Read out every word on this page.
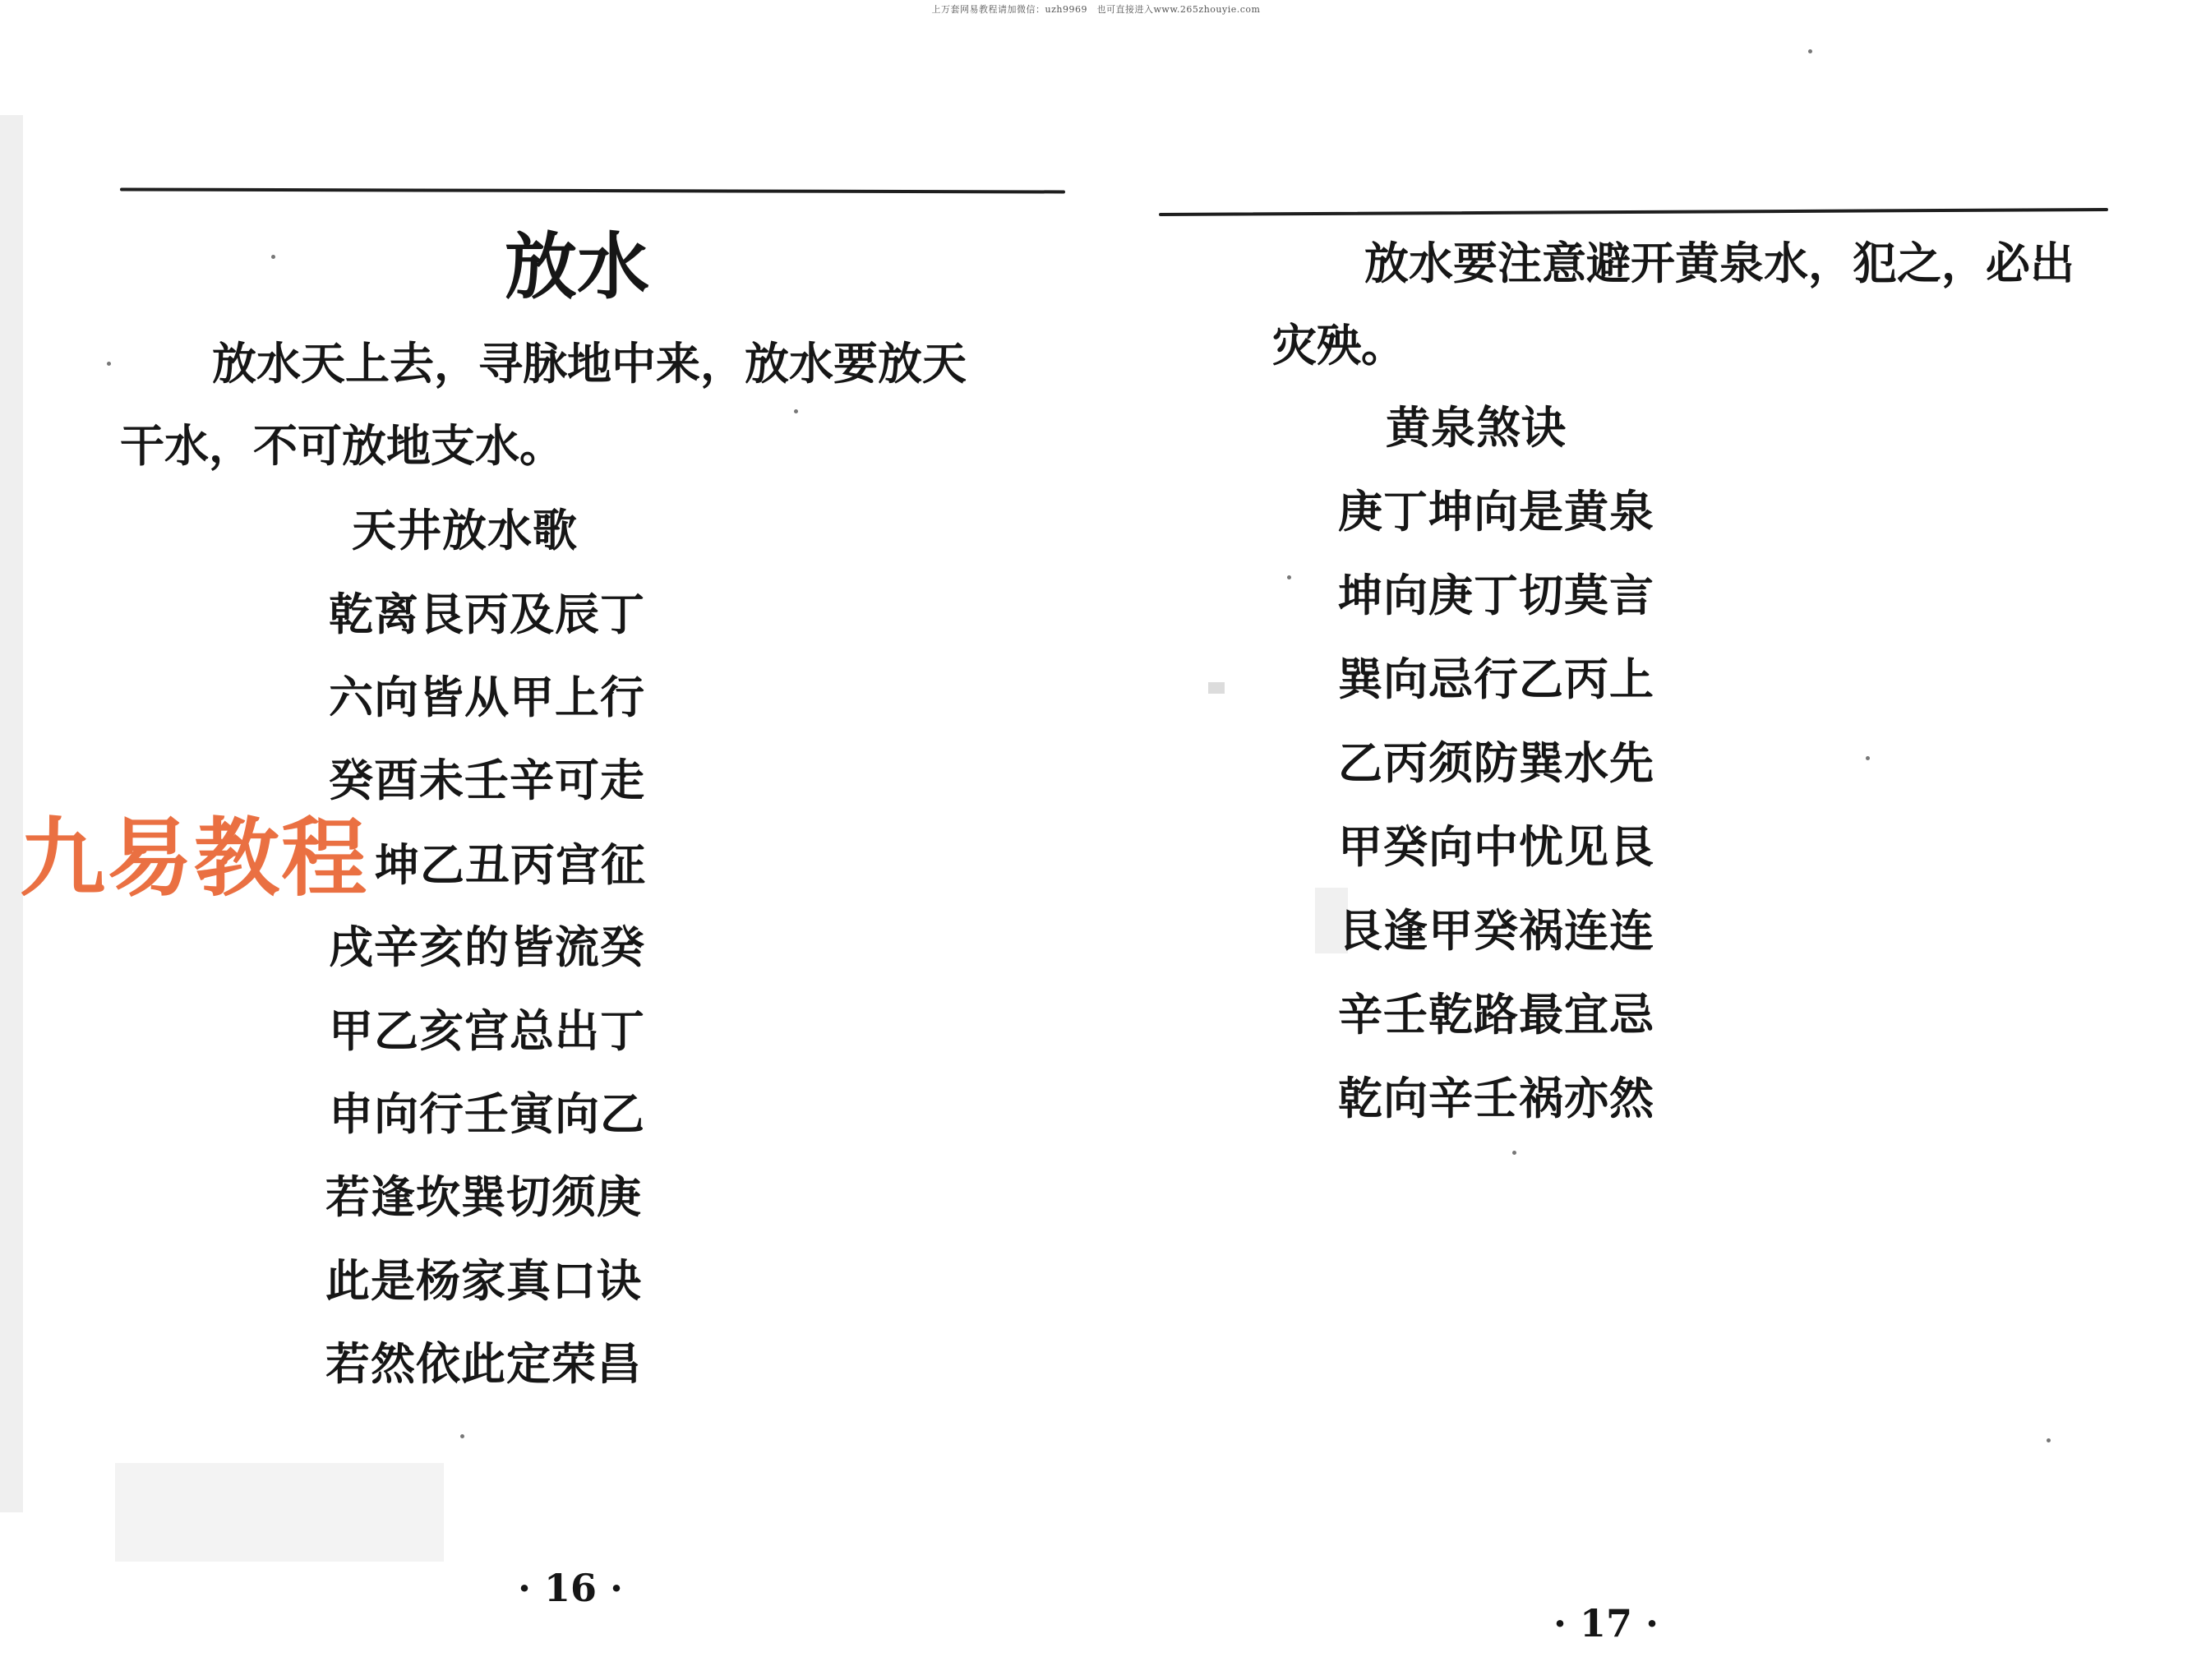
上万套网易教程请加微信：uzh9969　也可直接进入www.265zhouyie.com

放水

放水天上去，寻脉地中来，放水要放天

干水，不可放地支水。

天井放水歌

乾离艮丙及辰丁

六向皆从甲上行

癸酉未壬辛可走

坤乙丑丙宫征

戌辛亥的皆流癸

甲乙亥宫总出丁

申向行壬寅向乙

若逢坎巽切须庚

此是杨家真口诀

若然依此定荣昌

· 16 ·

九易教程

放水要注意避开黄泉水，犯之，必出

灾殃。

黄泉煞诀

庚丁坤向是黄泉

坤向庚丁切莫言

巽向忌行乙丙上

乙丙须防巽水先

甲癸向中忧见艮

艮逢甲癸祸连连

辛壬乾路最宜忌

乾向辛壬祸亦然

· 17 ·
